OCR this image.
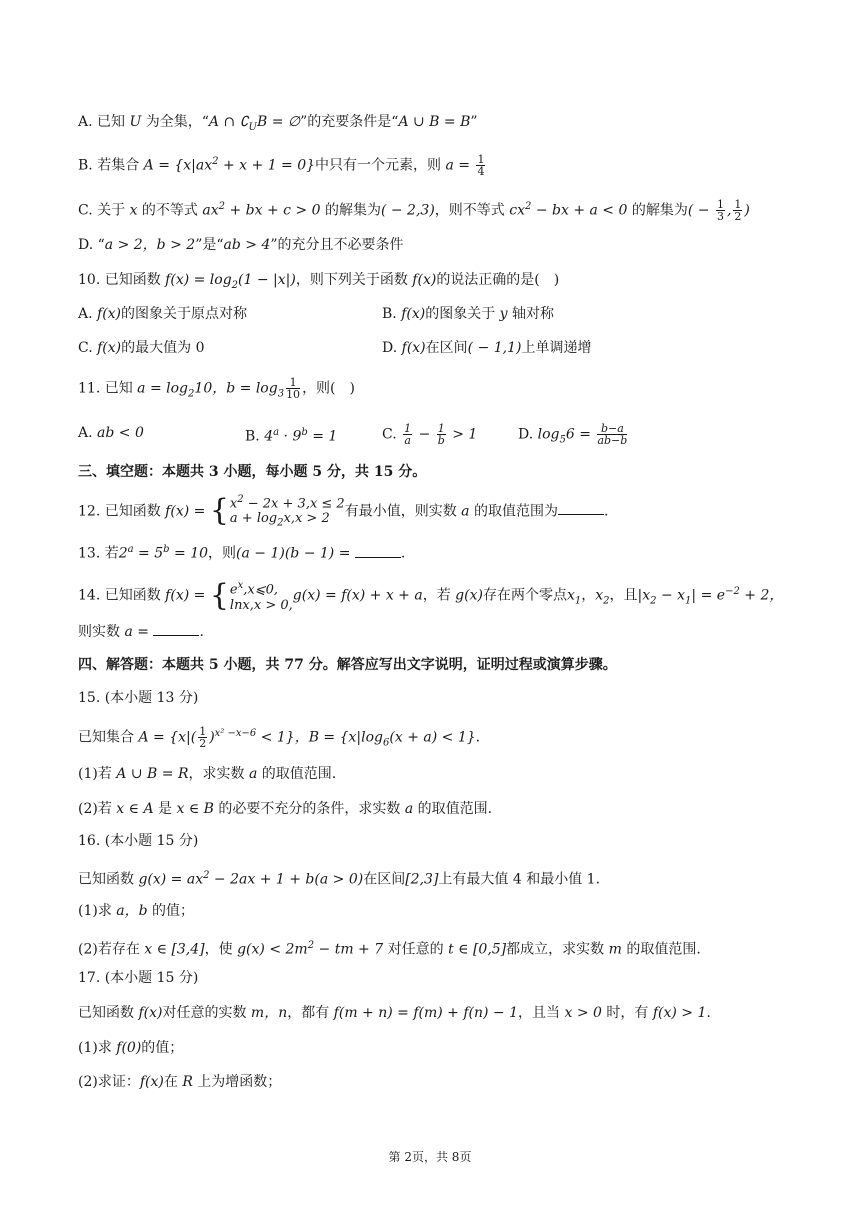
A. 已知 U 为全集，“A ∩ $∁_UB$ = ∅”的充要条件是“A ∪ B = B”
B. 若集合 $A = \{x|ax^2 + x + 1 = 0\}$中只有一个元素，则 $a = \frac{1}{4}$
C. 关于 x 的不等式 $ax^2$ + bx + c > 0 的解集为( − 2,3)，则不等式 $cx^2$ − bx + a < 0 的解集为( − $\frac{1}{3}$ , $\frac{1}{2}$ )
D. “a > 2，b > 2”是“ab > 4”的充分且不必要条件
10. 已知函数 $f(x) = \log_2(1 - |x|)$，则下列关于函数 f(x)的说法正确的是(　)
A. f(x)的图象关于原点对称	B. f(x)的图象关于 y 轴对称
C. f(x)的最大值为 0	D. f(x)在区间( − 1,1)上单调递增
11. 已知 $a = \log_210$，$b = \log_3 \frac{1}{10}$ ，则(　)
A. ab < 0	B. $4^a \cdot 9^b = 1$	C. $\frac{1}{a} - \frac{1}{b} > 1$	D. $\log_56 = \frac{b-a}{ab-b}$
三、填空题：本题共 3 小题，每小题 5 分，共 15 分。
12. 已知函数 f(x) = { $x^2 - 2x + 3,x \le 2$
$a + \log_2x,x > 2$	有最小值，则实数 a 的取值范围为	.
13. 若$2^a = 5^b = 10$，则(a − 1)(b − 1) =	.
14. 已知函数 f(x) = { $e^x,x⩽0$,
lnx,x > 0,
g(x) = f(x) + x + a，若 g(x)存在两个零点$x_1$，$x_2$，且$|x_2 - x_1| = e^{-2} + 2$，
则实数 a =	.
四、解答题：本题共 5 小题，共 77 分。解答应写出文字说明，证明过程或演算步骤。
15. (本小题 13 分)
已知集合 $A = \{x|( \frac{1}{2} )^{x^2 -x-6} < 1\}$，$B = \{x|\log_6(x + a) < 1\}$.
(1)若 A ∪ B = R，求实数 a 的取值范围.
(2)若 x ∈ A 是 x ∈ B 的必要不充分的条件，求实数 a 的取值范围.
16. (本小题 15 分)
已知函数 $g(x) = ax^2 - 2ax + 1 + b(a > 0)$在区间[2,3]上有最大值 4 和最小值 1.
(1)求 a，b 的值；
(2)若存在 x ∈ [3,4]，使 $g(x) < 2m^2$ − tm + 7 对任意的 t ∈ [0,5]都成立，求实数 m 的取值范围.
17. (本小题 15 分)
已知函数 f(x)对任意的实数 m，n，都有 f(m + n) = f(m) + f(n) − 1，且当 x > 0 时，有 f(x) > 1.
(1)求 f(0)的值；
(2)求证：f(x)在 R 上为增函数；
第 2页，共 8页
